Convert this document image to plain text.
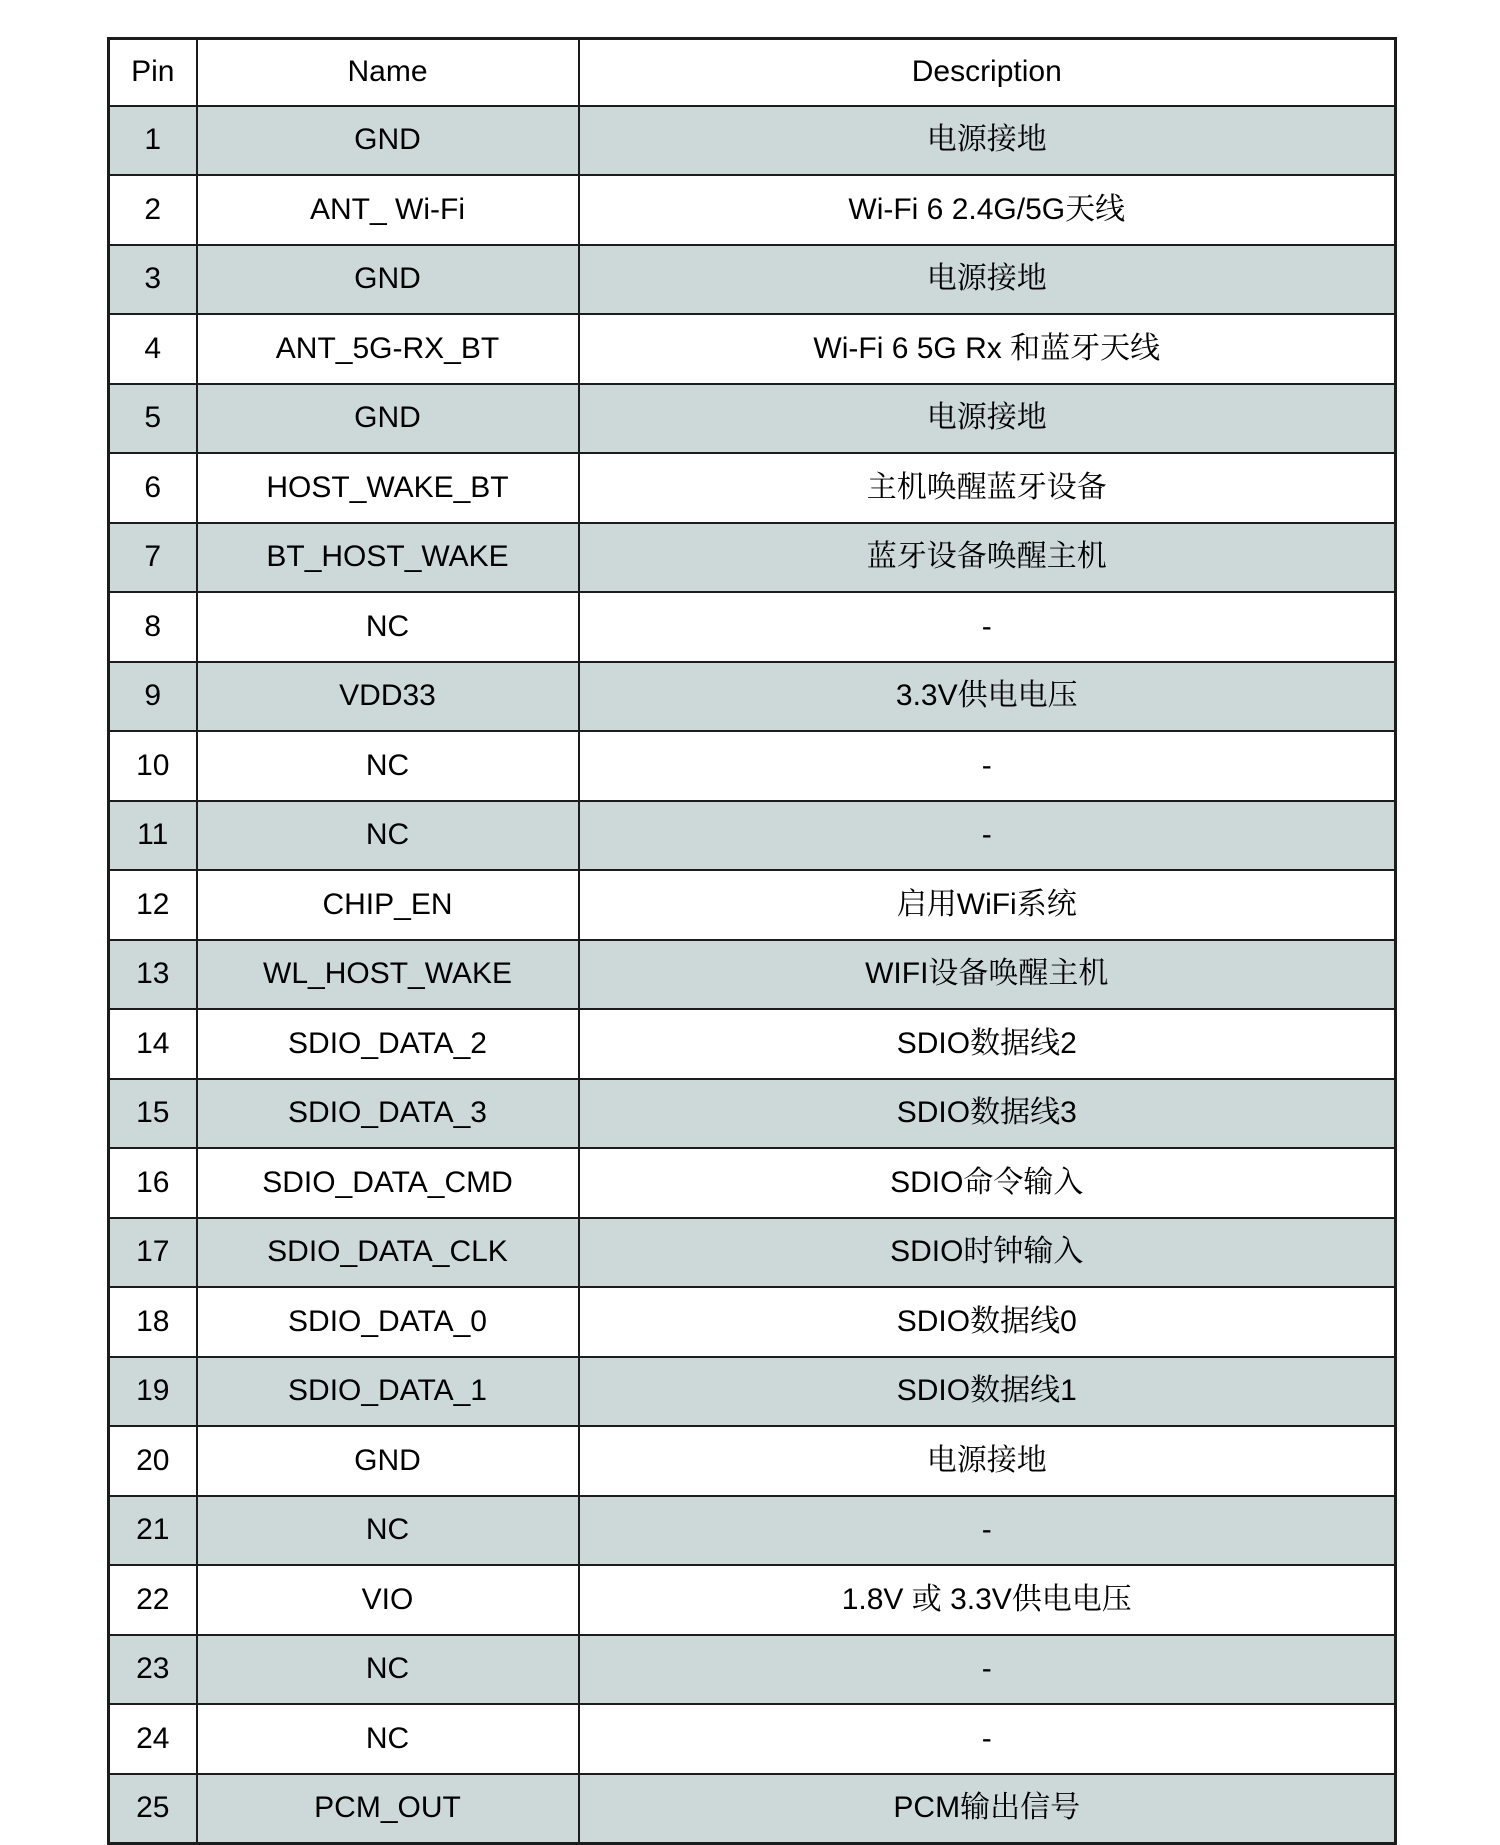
Pin	Name	Description
1	GND	电源接地
2	ANT_ Wi-Fi	Wi-Fi 6 2.4G/5G天线
3	GND	电源接地
4	ANT_5G-RX_BT	Wi-Fi 6 5G Rx 和蓝牙天线
5	GND	电源接地
6	HOST_WAKE_BT	主机唤醒蓝牙设备
7	BT_HOST_WAKE	蓝牙设备唤醒主机
8	NC	-
9	VDD33	3.3V供电电压
10	NC	-
11	NC	-
12	CHIP_EN	启用WiFi系统
13	WL_HOST_WAKE	WIFI设备唤醒主机
14	SDIO_DATA_2	SDIO数据线2
15	SDIO_DATA_3	SDIO数据线3
16	SDIO_DATA_CMD	SDIO命令输入
17	SDIO_DATA_CLK	SDIO时钟输入
18	SDIO_DATA_0	SDIO数据线0
19	SDIO_DATA_1	SDIO数据线1
20	GND	电源接地
21	NC	-
22	VIO	1.8V 或 3.3V供电电压
23	NC	-
24	NC	-
25	PCM_OUT	PCM输出信号
